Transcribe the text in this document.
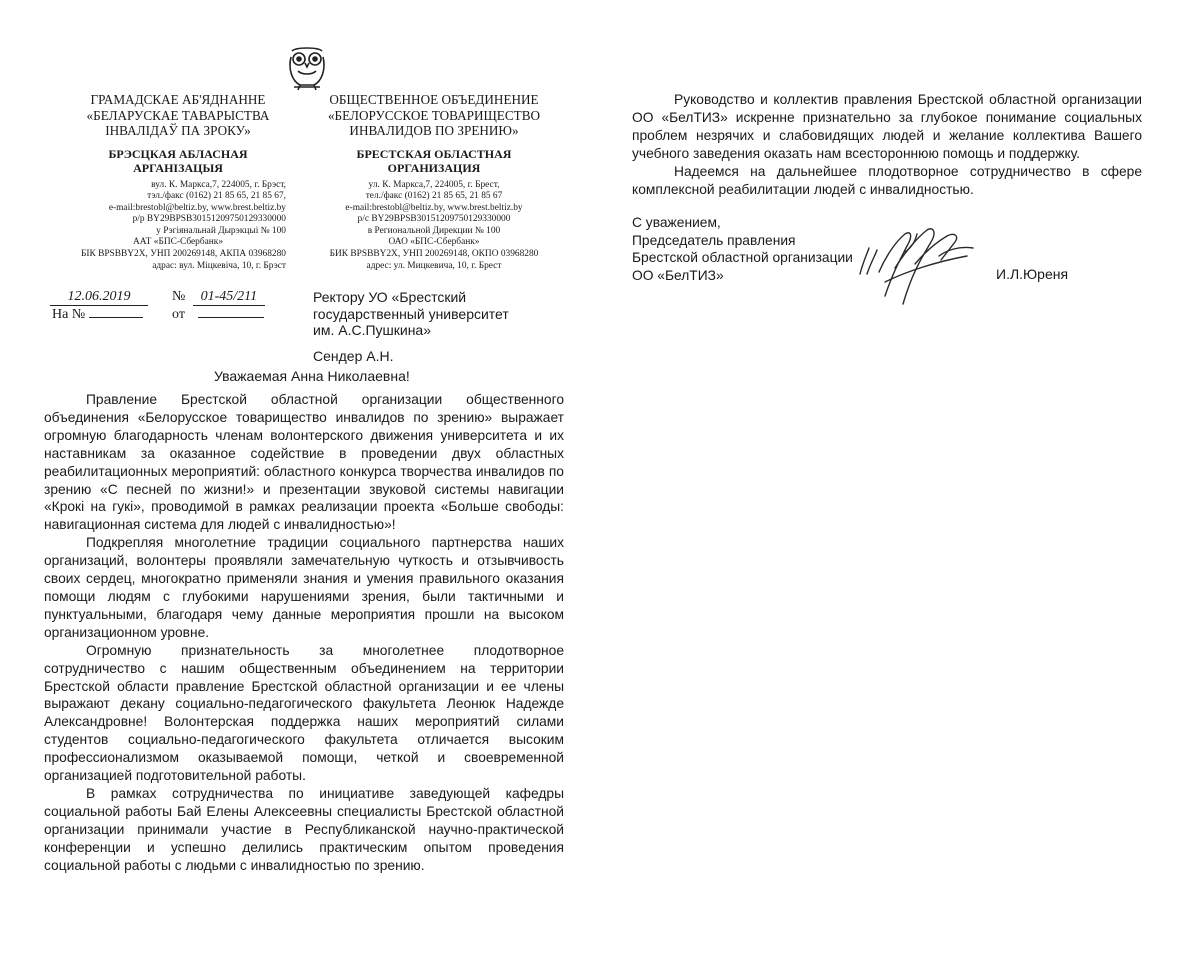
ГРАМАДСКАЕ АБ'ЯДНАННЕ
«БЕЛАРУСКАЕ ТАВАРЫСТВА
ІНВАЛІДАЎ ПА ЗРОКУ»
БРЭСЦКАЯ АБЛАСНАЯ
АРГАНІЗАЦЫЯ
вул. К. Маркса,7, 224005, г. Брэст,
тэл./факс (0162) 21 85 65, 21 85 67,
e-mail:brestobl@beltiz.by, www.brest.beltiz.by
р/р BY29BPSB30151209750129330000
у Рэгіянальнай Дырэкцыі № 100
ААТ «БПС-Сбербанк»
БІК BPSBBY2X, УНП 200269148, АКПА 03968280
адрас: вул. Міцкевіча, 10, г. Брэст
ОБЩЕСТВЕННОЕ ОБЪЕДИНЕНИЕ
«БЕЛОРУССКОЕ ТОВАРИЩЕСТВО
ИНВАЛИДОВ ПО ЗРЕНИЮ»
БРЕСТСКАЯ ОБЛАСТНАЯ
ОРГАНИЗАЦИЯ
ул. К. Маркса,7, 224005, г. Брест,
тел./факс (0162) 21 85 65, 21 85 67
e-mail:brestobl@beltiz.by, www.brest.beltiz.by
р/с BY29BPSB30151209750129330000
в Региональной Дирекции № 100
ОАО «БПС-Сбербанк»
БИК BPSBBY2X, УНП 200269148, ОКПО 03968280
адрес: ул. Мицкевича, 10, г. Брест
12.06.2019	№ 01-45/211
На №	от
Ректору УО «Брестский
государственный университет
им. А.С.Пушкина»
Сендер А.Н.
Уважаемая Анна Николаевна!

Правление Брестской областной организации общественного объединения «Белорусское товарищество инвалидов по зрению» выражает огромную благодарность членам волонтерского движения университета и их наставникам за оказанное содействие в проведении двух областных реабилитационных мероприятий: областного конкурса творчества инвалидов по зрению «С песней по жизни!» и презентации звуковой системы навигации «Крокі на гукі», проводимой в рамках реализации проекта «Больше свободы: навигационная система для людей с инвалидностью»!

Подкрепляя многолетние традиции социального партнерства наших организаций, волонтеры проявляли замечательную чуткость и отзывчивость своих сердец, многократно применяли знания и умения правильного оказания помощи людям с глубокими нарушениями зрения, были тактичными и пунктуальными, благодаря чему данные мероприятия прошли на высоком организационном уровне.

Огромную признательность за многолетнее плодотворное сотрудничество с нашим общественным объединением на территории Брестской области правление Брестской областной организации и ее члены выражают декану социально-педагогического факультета Леонюк Надежде Александровне! Волонтерская поддержка наших мероприятий силами студентов социально-педагогического факультета отличается высоким профессионализмом оказываемой помощи, четкой и своевременной организацией подготовительной работы.

В рамках сотрудничества по инициативе заведующей кафедры социальной работы Бай Елены Алексеевны специалисты Брестской областной организации принимали участие в Республиканской научно-практической конференции и успешно делились практическим опытом проведения социальной работы с людьми с инвалидностью по зрению.

Руководство и коллектив правления Брестской областной организации ОО «БелТИЗ» искренне признательно за глубокое понимание социальных проблем незрячих и слабовидящих людей и желание коллектива Вашего учебного заведения оказать нам всестороннюю помощь и поддержку.

Надеемся на дальнейшее плодотворное сотрудничество в сфере комплексной реабилитации людей с инвалидностью.

С уважением,
Председатель правления
Брестской областной организации
ОО «БелТИЗ»	И.Л.Юреня
